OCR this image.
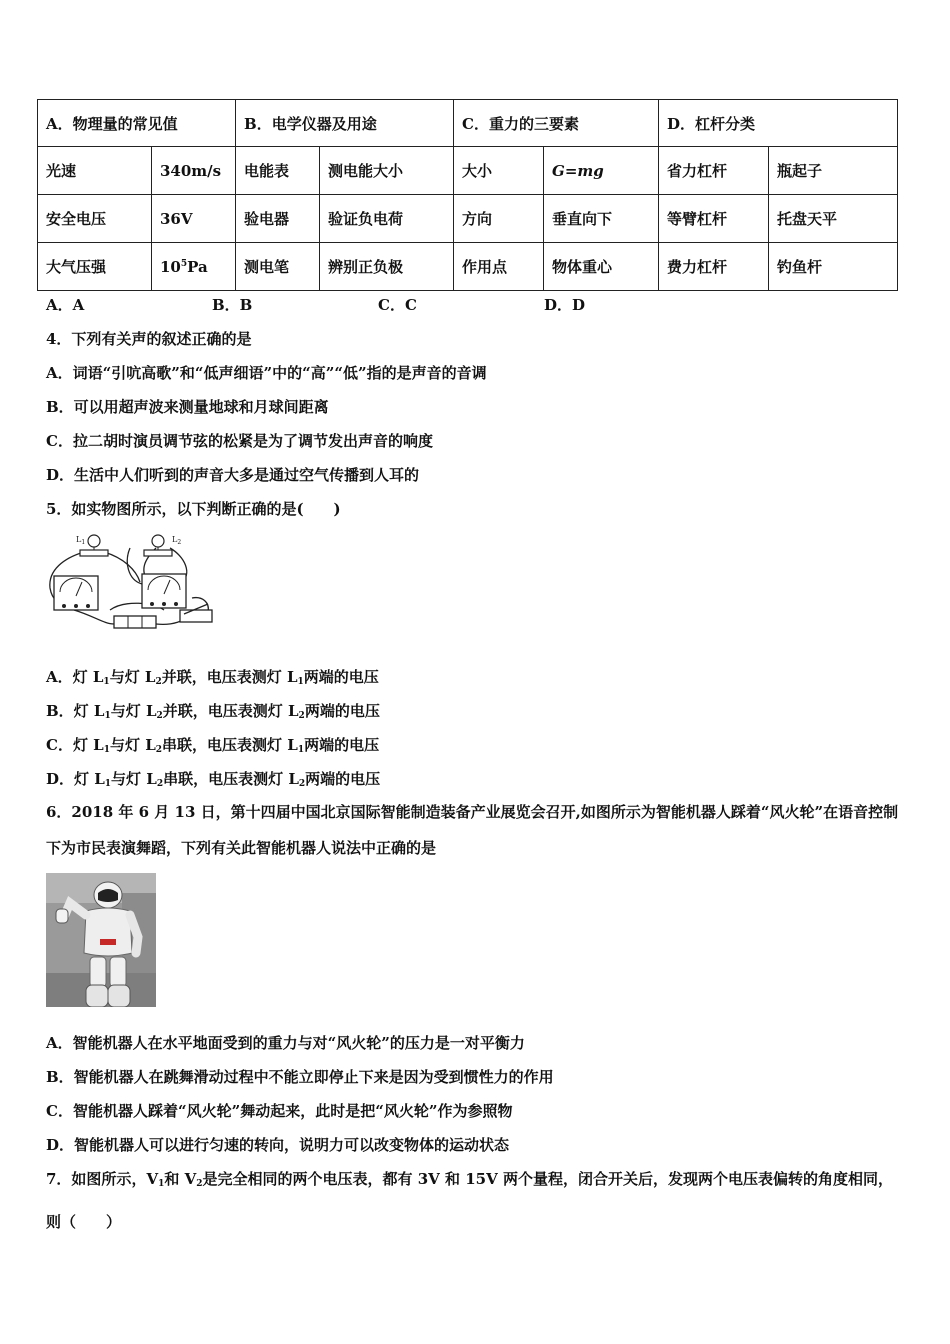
A．物理量的常见值		B．电学仪器及用途		C．重力的三要素		D．杠杆分类	
光速	340m/s	电能表	测电能大小	大小	G=mg	省力杠杆	瓶起子
安全电压	36V	验电器	验证负电荷	方向	垂直向下	等臂杠杆	托盘天平
大气压强	$10^5Pa$	测电笔	辨别正负极	作用点	物体重心	费力杠杆	钓鱼杆
A．A	B．B	C．C	D．D
4．下列有关声的叙述正确的是
A．词语“引吭高歌”和“低声细语”中的“高”“低”指的是声音的音调
B．可以用超声波来测量地球和月球间距离
C．拉二胡时演员调节弦的松紧是为了调节发出声音的响度
D．生活中人们听到的声音大多是通过空气传播到人耳的
5．如实物图所示，以下判断正确的是(　　)
$L_1$	$L_2$
A．灯 $L_1$与灯 $L_2$并联，电压表测灯 $L_1$两端的电压
B．灯 $L_1$与灯 $L_2$并联，电压表测灯 $L_2$两端的电压
C．灯 $L_1$与灯 $L_2$串联，电压表测灯 $L_1$两端的电压
D．灯 $L_1$与灯 $L_2$串联，电压表测灯 $L_2$两端的电压
6．2018 年 6 月 13 日，第十四届中国北京国际智能制造装备产业展览会召开,如图所示为智能机器人踩着“风火轮”在语音控制下为市民表演舞蹈，下列有关此智能机器人说法中正确的是
A．智能机器人在水平地面受到的重力与对“风火轮”的压力是一对平衡力
B．智能机器人在跳舞滑动过程中不能立即停止下来是因为受到惯性力的作用
C．智能机器人踩着“风火轮”舞动起来，此时是把“风火轮”作为参照物
D．智能机器人可以进行匀速的转向，说明力可以改变物体的运动状态
7．如图所示，$V_1$和 $V_2$是完全相同的两个电压表，都有 3V 和 15V 两个量程，闭合开关后，发现两个电压表偏转的角度相同，则（　　）
